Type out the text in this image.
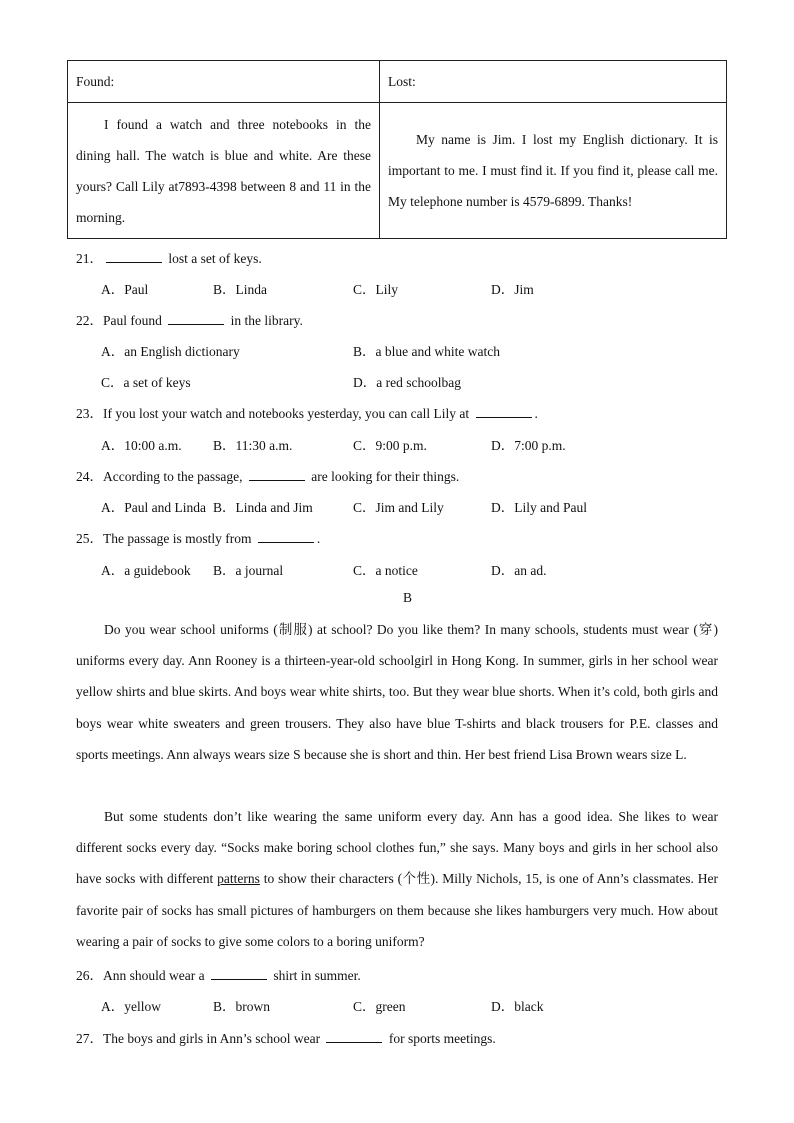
Found:	Lost:

I found a watch and three notebooks in the dining hall. The watch is blue and white. Are these yours? Call Lily at7893-4398 between 8 and 11 in the morning.	My name is Jim. I lost my English dictionary. It is important to me. I must find it. If you find it, please call me. My telephone number is 4579-6899. Thanks!

21．	lost a set of keys.
A．Paul	B．Linda	C．Lily	D．Jim
22．Paul found	in the library.
A．an English dictionary	B．a blue and white watch
C．a set of keys	D．a red schoolbag
23．If you lost your watch and notebooks yesterday, you can call Lily at	.
A．10:00 a.m. B．11:30 a.m.	C．9:00 p.m.	D．7:00 p.m.
24．According to the passage,	are looking for their things.
A．Paul and Linda B．Linda and Jim	C．Jim and Lily	D．Lily and Paul
25．The passage is mostly from	.
A．a guidebook B．a journal	C．a notice	D．an ad.
B

Do you wear school uniforms (制服) at school? Do you like them? In many schools, students must wear (穿) uniforms every day. Ann Rooney is a thirteen-year-old schoolgirl in Hong Kong. In summer, girls in her school wear yellow shirts and blue skirts. And boys wear white shirts, too. But they wear blue shorts. When it’s cold, both girls and boys wear white sweaters and green trousers. They also have blue T-shirts and black trousers for P.E. classes and sports meetings. Ann always wears size S because she is short and thin. Her best friend Lisa Brown wears size L.

But some students don’t like wearing the same uniform every day. Ann has a good idea. She likes to wear different socks every day. “Socks make boring school clothes fun,” she says. Many boys and girls in her school also have socks with different patterns to show their characters (个性). Milly Nichols, 15, is one of Ann’s classmates. Her favorite pair of socks has small pictures of hamburgers on them because she likes hamburgers very much. How about wearing a pair of socks to give some colors to a boring uniform?

26．Ann should wear a	shirt in summer.
A．yellow	B．brown	C．green	D．black
27．The boys and girls in Ann’s school wear	for sports meetings.
